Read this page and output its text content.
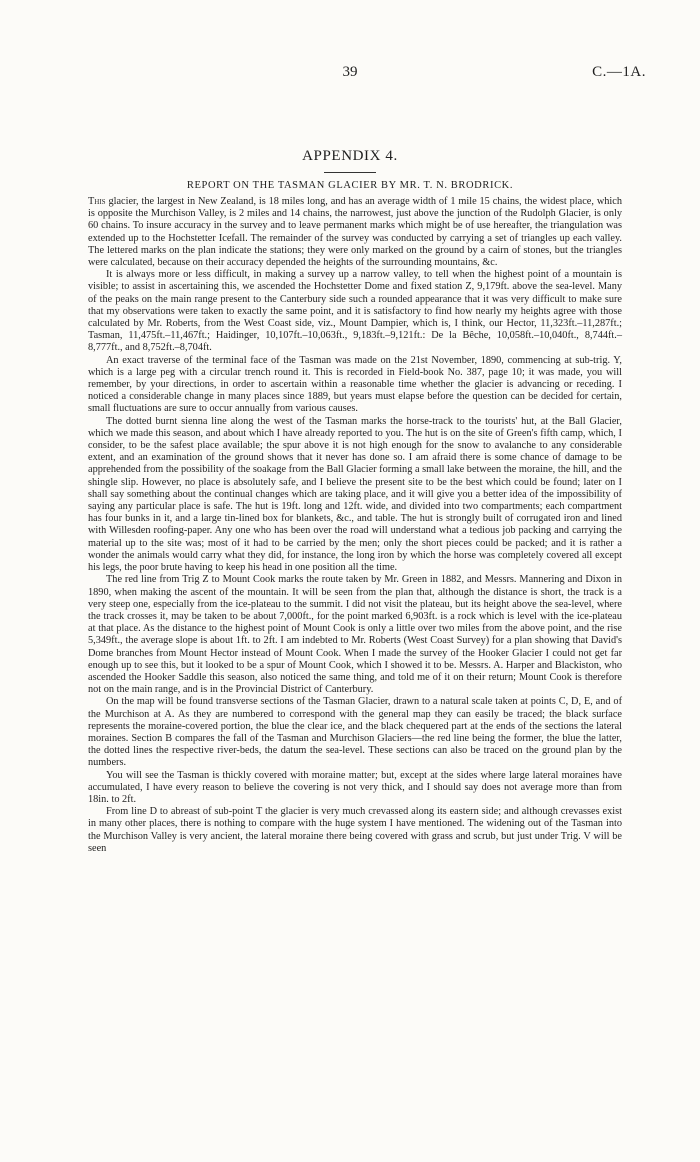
39	C.—1A.
APPENDIX 4.
REPORT ON THE TASMAN GLACIER BY MR. T. N. BRODRICK.

This glacier, the largest in New Zealand, is 18 miles long, and has an average width of 1 mile 15 chains, the widest place, which is opposite the Murchison Valley, is 2 miles and 14 chains, the narrowest, just above the junction of the Rudolph Glacier, is only 60 chains. To insure accuracy in the survey and to leave permanent marks which might be of use hereafter, the triangulation was extended up to the Hochstetter Icefall. The remainder of the survey was conducted by carrying a set of triangles up each valley. The lettered marks on the plan indicate the stations; they were only marked on the ground by a cairn of stones, but the triangles were calculated, because on their accuracy depended the heights of the surrounding mountains, &c.

It is always more or less difficult, in making a survey up a narrow valley, to tell when the highest point of a mountain is visible; to assist in ascertaining this, we ascended the Hochstetter Dome and fixed station Z, 9,179ft. above the sea-level. Many of the peaks on the main range present to the Canterbury side such a rounded appearance that it was very difficult to make sure that my observations were taken to exactly the same point, and it is satisfactory to find how nearly my heights agree with those calculated by Mr. Roberts, from the West Coast side, viz., Mount Dampier, which is, I think, our Hector, 11,323ft.–11,287ft.; Tasman, 11,475ft.–11,467ft.; Haidinger, 10,107ft.–10,063ft., 9,183ft.–9,121ft.: De la Bêche, 10,058ft.–10,040ft., 8,744ft.–8,777ft., and 8,752ft.–8,704ft.

An exact traverse of the terminal face of the Tasman was made on the 21st November, 1890, commencing at sub-trig. Y, which is a large peg with a circular trench round it. This is recorded in Field-book No. 387, page 10; it was made, you will remember, by your directions, in order to ascertain within a reasonable time whether the glacier is advancing or receding. I noticed a considerable change in many places since 1889, but years must elapse before the question can be decided for certain, small fluctuations are sure to occur annually from various causes.

The dotted burnt sienna line along the west of the Tasman marks the horse-track to the tourists' hut, at the Ball Glacier, which we made this season, and about which I have already reported to you. The hut is on the site of Green's fifth camp, which, I consider, to be the safest place available; the spur above it is not high enough for the snow to avalanche to any considerable extent, and an examination of the ground shows that it never has done so. I am afraid there is some chance of damage to be apprehended from the possibility of the soakage from the Ball Glacier forming a small lake between the moraine, the hill, and the shingle slip. However, no place is absolutely safe, and I believe the present site to be the best which could be found; later on I shall say something about the continual changes which are taking place, and it will give you a better idea of the impossibility of saying any particular place is safe. The hut is 19ft. long and 12ft. wide, and divided into two compartments; each compartment has four bunks in it, and a large tin-lined box for blankets, &c., and table. The hut is strongly built of corrugated iron and lined with Willesden roofing-paper. Any one who has been over the road will understand what a tedious job packing and carrying the material up to the site was; most of it had to be carried by the men; only the short pieces could be packed; and it is rather a wonder the animals would carry what they did, for instance, the long iron by which the horse was completely covered all except his legs, the poor brute having to keep his head in one position all the time.

The red line from Trig Z to Mount Cook marks the route taken by Mr. Green in 1882, and Messrs. Mannering and Dixon in 1890, when making the ascent of the mountain. It will be seen from the plan that, although the distance is short, the track is a very steep one, especially from the ice-plateau to the summit. I did not visit the plateau, but its height above the sea-level, where the track crosses it, may be taken to be about 7,000ft., for the point marked 6,903ft. is a rock which is level with the ice-plateau at that place. As the distance to the highest point of Mount Cook is only a little over two miles from the above point, and the rise 5,349ft., the average slope is about 1ft. to 2ft. I am indebted to Mr. Roberts (West Coast Survey) for a plan showing that David's Dome branches from Mount Hector instead of Mount Cook. When I made the survey of the Hooker Glacier I could not get far enough up to see this, but it looked to be a spur of Mount Cook, which I showed it to be. Messrs. A. Harper and Blackiston, who ascended the Hooker Saddle this season, also noticed the same thing, and told me of it on their return; Mount Cook is therefore not on the main range, and is in the Provincial District of Canterbury.

On the map will be found transverse sections of the Tasman Glacier, drawn to a natural scale taken at points C, D, E, and of the Murchison at A. As they are numbered to correspond with the general map they can easily be traced; the black surface represents the moraine-covered portion, the blue the clear ice, and the black chequered part at the ends of the sections the lateral moraines. Section B compares the fall of the Tasman and Murchison Glaciers—the red line being the former, the blue the latter, the dotted lines the respective river-beds, the datum the sea-level. These sections can also be traced on the ground plan by the numbers.

You will see the Tasman is thickly covered with moraine matter; but, except at the sides where large lateral moraines have accumulated, I have every reason to believe the covering is not very thick, and I should say does not average more than from 18in. to 2ft.

From line D to abreast of sub-point T the glacier is very much crevassed along its eastern side; and although crevasses exist in many other places, there is nothing to compare with the huge system I have mentioned. The widening out of the Tasman into the Murchison Valley is very ancient, the lateral moraine there being covered with grass and scrub, but just under Trig. V will be seen
